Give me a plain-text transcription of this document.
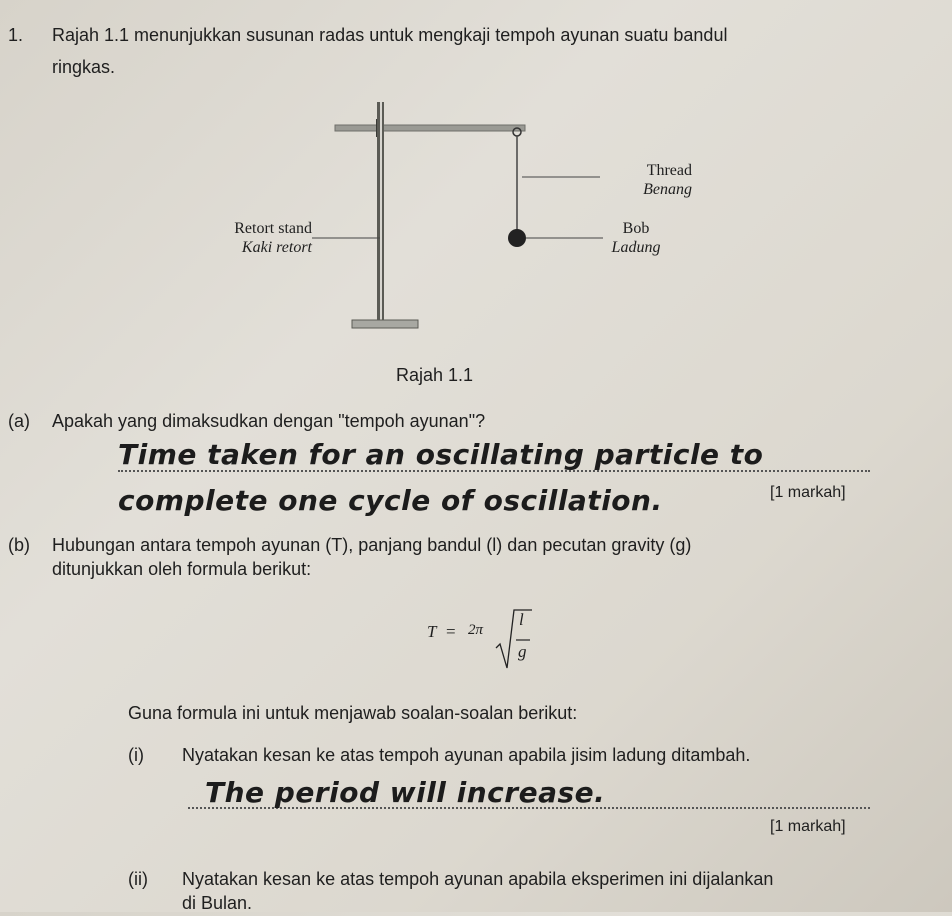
1. Rajah 1.1 menunjukkan susunan radas untuk mengkaji tempoh ayunan suatu bandul
ringkas.
Thread
Benang
Retort stand
Kaki retort
Bob
Ladung
Rajah 1.1
(a) Apakah yang dimaksudkan dengan "tempoh ayunan"?
Time taken for an oscillating particle to
complete one cycle of oscillation.	[1 markah]
(b) Hubungan antara tempoh ayunan (T), panjang bandul (l) dan pecutan gravity (g)
ditunjukkan oleh formula berikut:
T = 2π
l
g
Guna formula ini untuk menjawab soalan-soalan berikut:
(i) Nyatakan kesan ke atas tempoh ayunan apabila jisim ladung ditambah.
The period will increase.
[1 markah]
(ii) Nyatakan kesan ke atas tempoh ayunan apabila eksperimen ini dijalankan
di Bulan.
